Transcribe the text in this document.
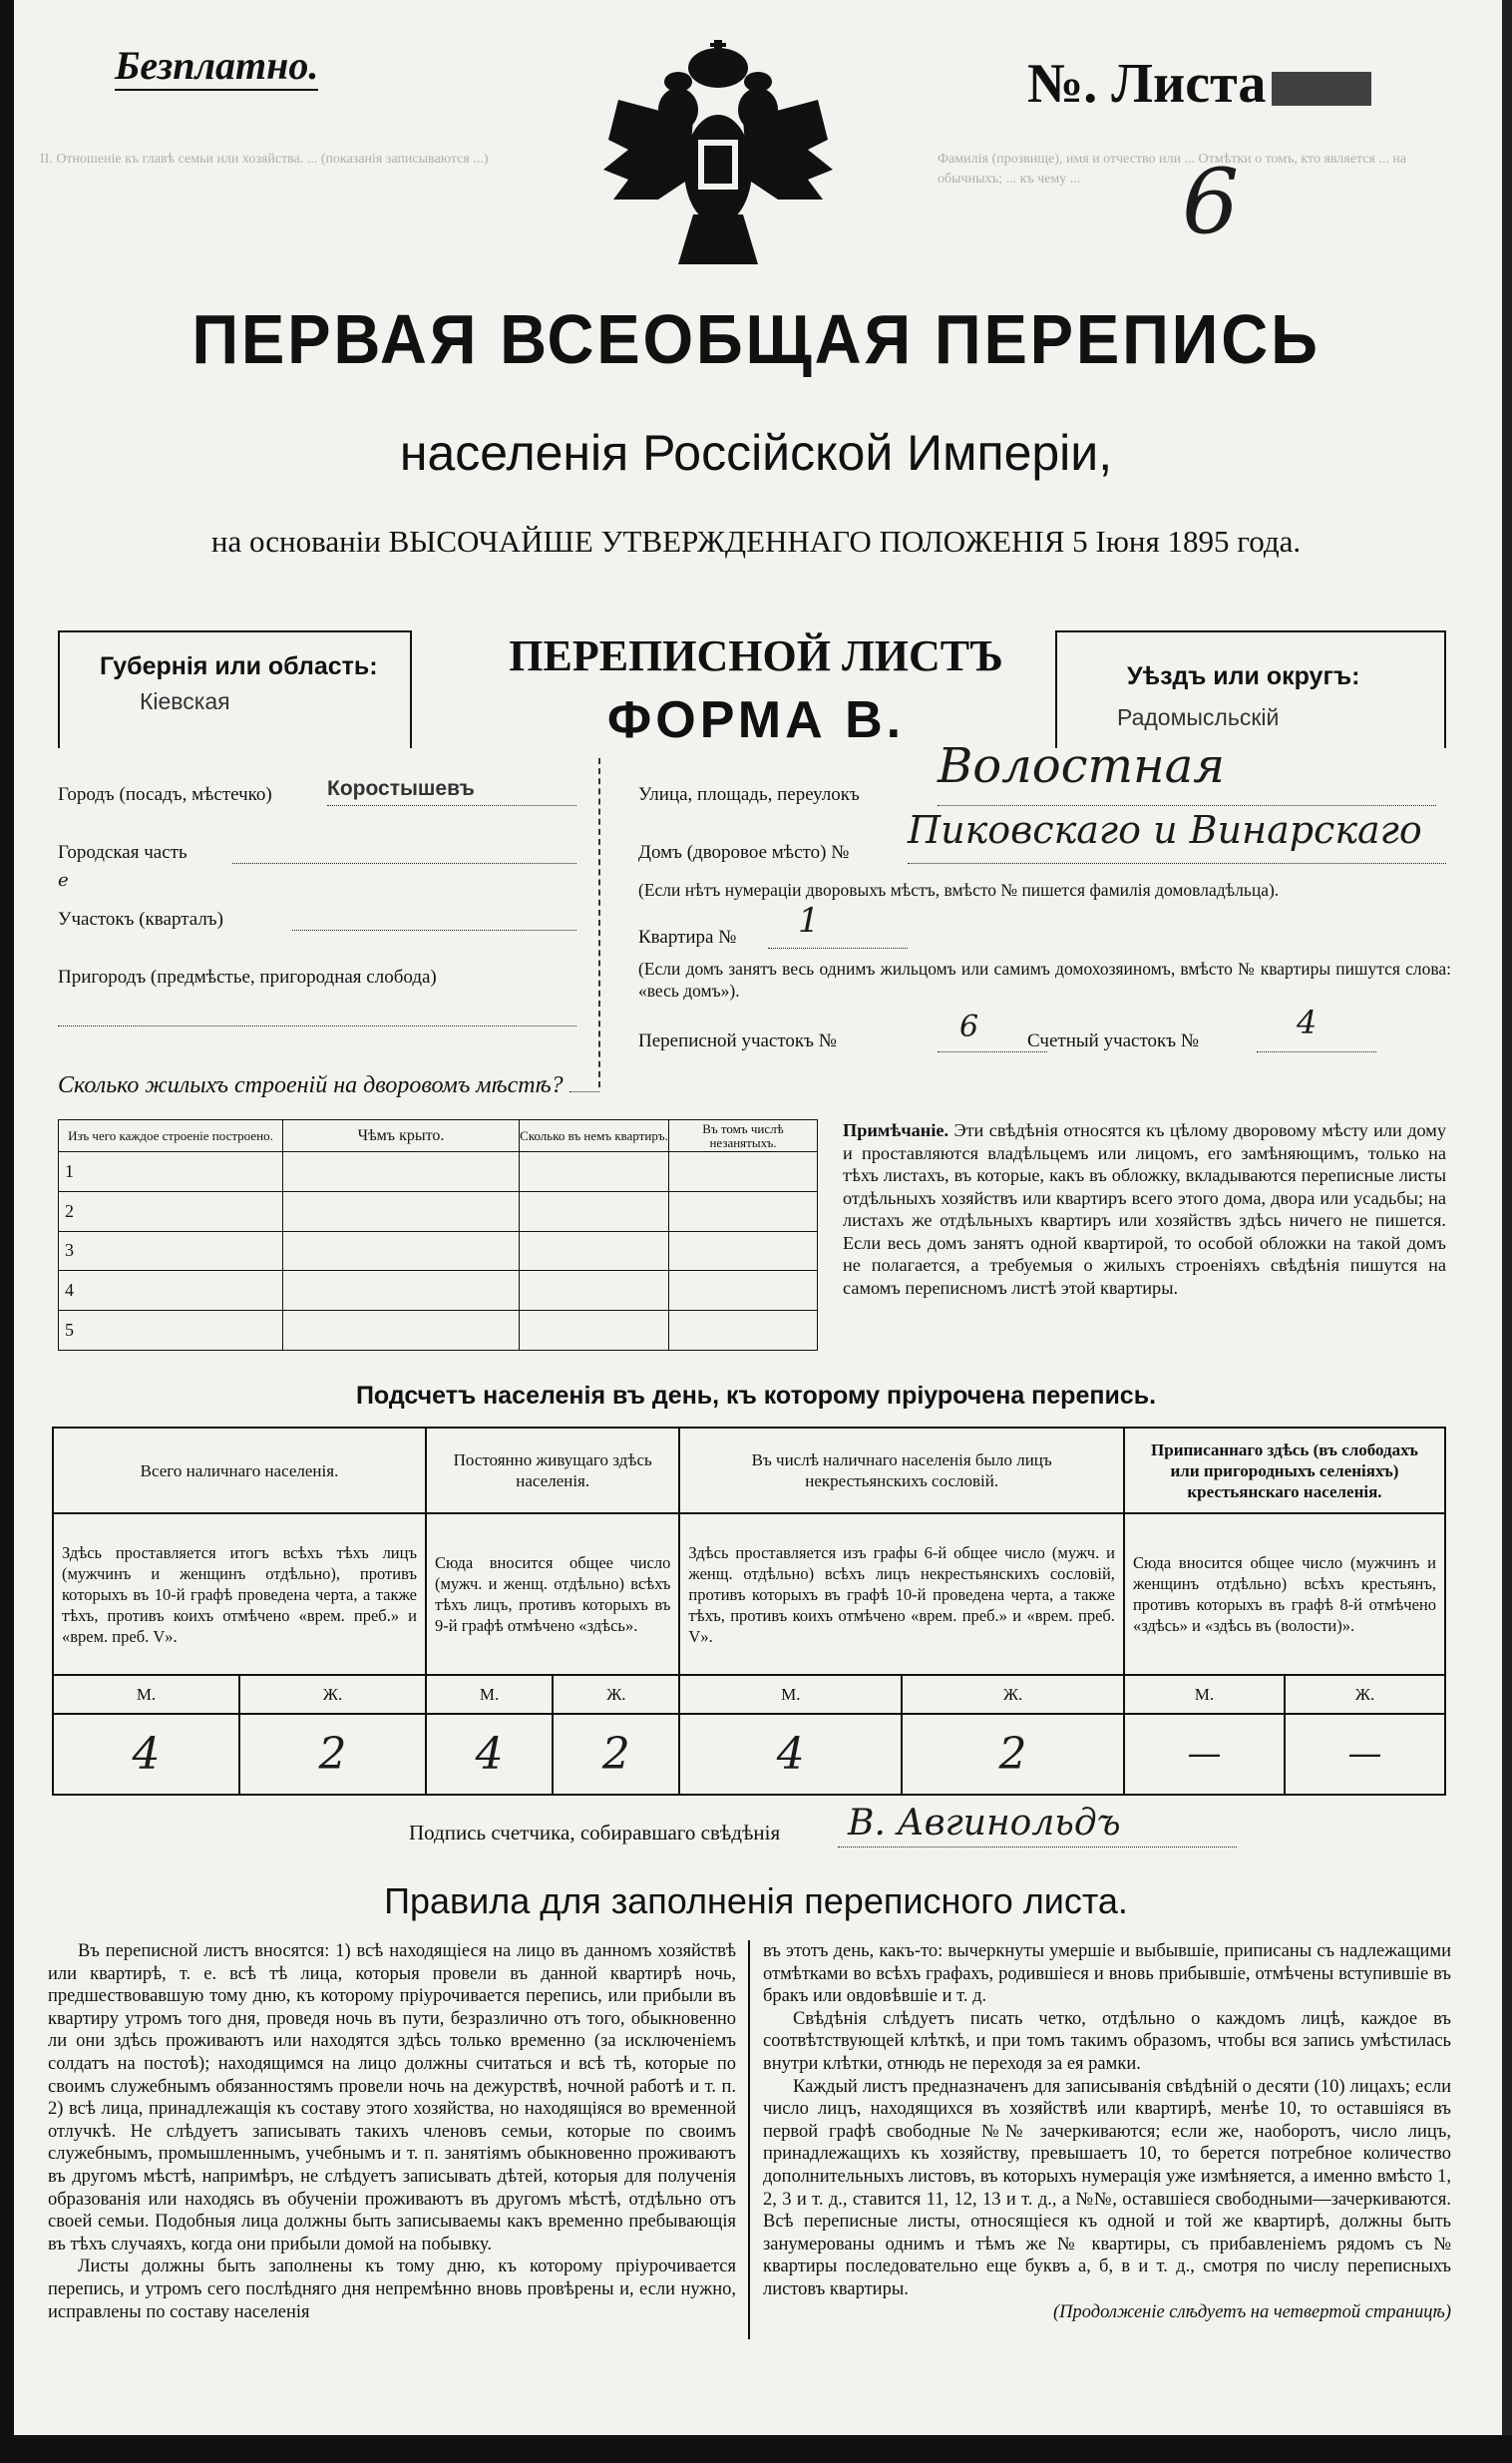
ІІ. Отношеніе къ главѣ семьи или хозяйства. ... (показанія записываются ...)	Фамилія (прозвище), имя и отчество или ... Отмѣтки о томъ, кто является ... на обычныхъ; ... къ чему ...
Безплатно.	№. Листа
6
ПЕРВАЯ ВСЕОБЩАЯ ПЕРЕПИСЬ
населенія Россійской Имперіи,
на основаніи ВЫСОЧАЙШЕ УТВЕРЖДЕННАГО ПОЛОЖЕНІЯ 5 Іюня 1895 года.
Губернія или область:
Кіевская
ПЕРЕПИСНОЙ ЛИСТЪ
ФОРМА В.
Уѣздъ или округъ:
Радомысльскій
Городъ (посадъ, мѣстечко)	Коростышевъ
Городская часть
е
Участокъ (кварталъ)
Пригородъ (предмѣстье, пригородная слобода)
Улица, площадь, переулокъ
Волостная
Домъ (дворовое мѣсто) №
Пиковскаго и Винарскаго
(Если нѣтъ нумераціи дворовыхъ мѣстъ, вмѣсто № пишется фамилія домовладѣльца).
Квартира № 1
(Если домъ занятъ весь однимъ жильцомъ или самимъ домохозяиномъ, вмѣсто № квартиры пишутся слова: «весь домъ»).
Переписной участокъ №	6	Счетный участокъ №	4
Сколько жилыхъ строеній на дворовомъ мѣстѣ?
Изъ чего каждое строеніе построено.	Чѣмъ крыто.	Сколько въ немъ квартиръ.	Въ томъ числѣ незанятыхъ.
1			
2			
3			
4			
5			
Примѣчаніе. Эти свѣдѣнія относятся къ цѣлому дворовому мѣсту или дому и проставляются владѣльцемъ или лицомъ, его замѣняющимъ, только на тѣхъ листахъ, въ которые, какъ въ обложку, вкладываются переписные листы отдѣльныхъ хозяйствъ или квартиръ всего этого дома, двора или усадьбы; на листахъ же отдѣльныхъ квартиръ или хозяйствъ здѣсь ничего не пишется. Если весь домъ занятъ одной квартирой, то особой обложки на такой домъ не полагается, а требуемыя о жилыхъ строеніяхъ свѣдѣнія пишутся на самомъ переписномъ листѣ этой квартиры.
Подсчетъ населенія въ день, къ которому пріурочена перепись.
Всего наличнаго населенія.		Постоянно живущаго здѣсь населенія.		Въ числѣ наличнаго населенія было лицъ некрестьянскихъ сословій.		Приписаннаго здѣсь (въ слободахъ или пригородныхъ селеніяхъ) крестьянскаго населенія.	
Здѣсь проставляется итогъ всѣхъ тѣхъ лицъ (мужчинъ и женщинъ отдѣльно), противъ которыхъ въ 10-й графѣ проведена черта, а также тѣхъ, противъ коихъ отмѣчено «врем. преб.» и «врем. преб. V».		Сюда вносится общее число (мужч. и женщ. отдѣльно) всѣхъ тѣхъ лицъ, противъ которыхъ въ 9-й графѣ отмѣчено «здѣсь».		Здѣсь проставляется изъ графы 6-й общее число (мужч. и женщ. отдѣльно) всѣхъ лицъ некрестьянскихъ сословій, противъ которыхъ въ графѣ 10-й проведена черта, а также тѣхъ, противъ коихъ отмѣчено «врем. преб.» и «врем. преб. V».		Сюда вносится общее число (мужчинъ и женщинъ отдѣльно) всѣхъ крестьянъ, противъ которыхъ въ графѣ 8-й отмѣчено «здѣсь» и «здѣсь въ (волости)».	
М.	Ж.	М.	Ж.	М.	Ж.	М.	Ж.
4	2	4	2	4	2	—	—
Подпись счетчика, собиравшаго свѣдѣнія В. Авгинольдъ
Правила для заполненія переписного листа.

Въ переписной листъ вносятся: 1) всѣ находящіеся на лицо въ данномъ хозяйствѣ или квартирѣ, т. е. всѣ тѣ лица, которыя провели въ данной квартирѣ ночь, предшествовавшую тому дню, къ которому пріурочивается перепись, или прибыли въ квартиру утромъ того дня, проведя ночь въ пути, безразлично отъ того, обыкновенно ли они здѣсь проживаютъ или находятся здѣсь только временно (за исключеніемъ солдатъ на постоѣ); находящимся на лицо должны считаться и всѣ тѣ, которые по своимъ служебнымъ обязанностямъ провели ночь на дежурствѣ, ночной работѣ и т. п. 2) всѣ лица, принадлежащія къ составу этого хозяйства, но находящіяся во временной отлучкѣ. Не слѣдуетъ записывать такихъ членовъ семьи, которые по своимъ служебнымъ, промышленнымъ, учебнымъ и т. п. занятіямъ обыкновенно проживаютъ въ другомъ мѣстѣ, напримѣръ, не слѣдуетъ записывать дѣтей, которыя для полученія образованія или находясь въ обученіи проживаютъ въ другомъ мѣстѣ, отдѣльно отъ своей семьи. Подобныя лица должны быть записываемы какъ временно пребывающія въ тѣхъ случаяхъ, когда они прибыли домой на побывку.

Листы должны быть заполнены къ тому дню, къ которому пріурочивается перепись, и утромъ сего послѣдняго дня непремѣнно вновь провѣрены и, если нужно, исправлены по составу населенія

въ этотъ день, какъ-то: вычеркнуты умершіе и выбывшіе, приписаны съ надлежащими отмѣтками во всѣхъ графахъ, родившіеся и вновь прибывшіе, отмѣчены вступившіе въ бракъ или овдовѣвшіе и т. д.

Свѣдѣнія слѣдуетъ писать четко, отдѣльно о каждомъ лицѣ, каждое въ соотвѣтствующей клѣткѣ, и при томъ такимъ образомъ, чтобы вся запись умѣстилась внутри клѣтки, отнюдь не переходя за ея рамки.

Каждый листъ предназначенъ для записыванія свѣдѣній о десяти (10) лицахъ; если число лицъ, находящихся въ хозяйствѣ или квартирѣ, менѣе 10, то оставшіяся въ первой графѣ свободные №№ зачеркиваются; если же, наоборотъ, число лицъ, принадлежащихъ къ хозяйству, превышаетъ 10, то берется потребное количество дополнительныхъ листовъ, въ которыхъ нумерація уже измѣняется, а именно вмѣсто 1, 2, 3 и т. д., ставится 11, 12, 13 и т. д., а №№, оставшіеся свободными—зачеркиваются. Всѣ переписные листы, относящіеся къ одной и той же квартирѣ, должны быть занумерованы однимъ и тѣмъ же № квартиры, съ прибавленіемъ рядомъ съ № квартиры последовательно еще буквъ а, б, в и т. д., смотря по числу переписныхъ листовъ квартиры.

(Продолженіе слѣдуетъ на четвертой страницѣ)
